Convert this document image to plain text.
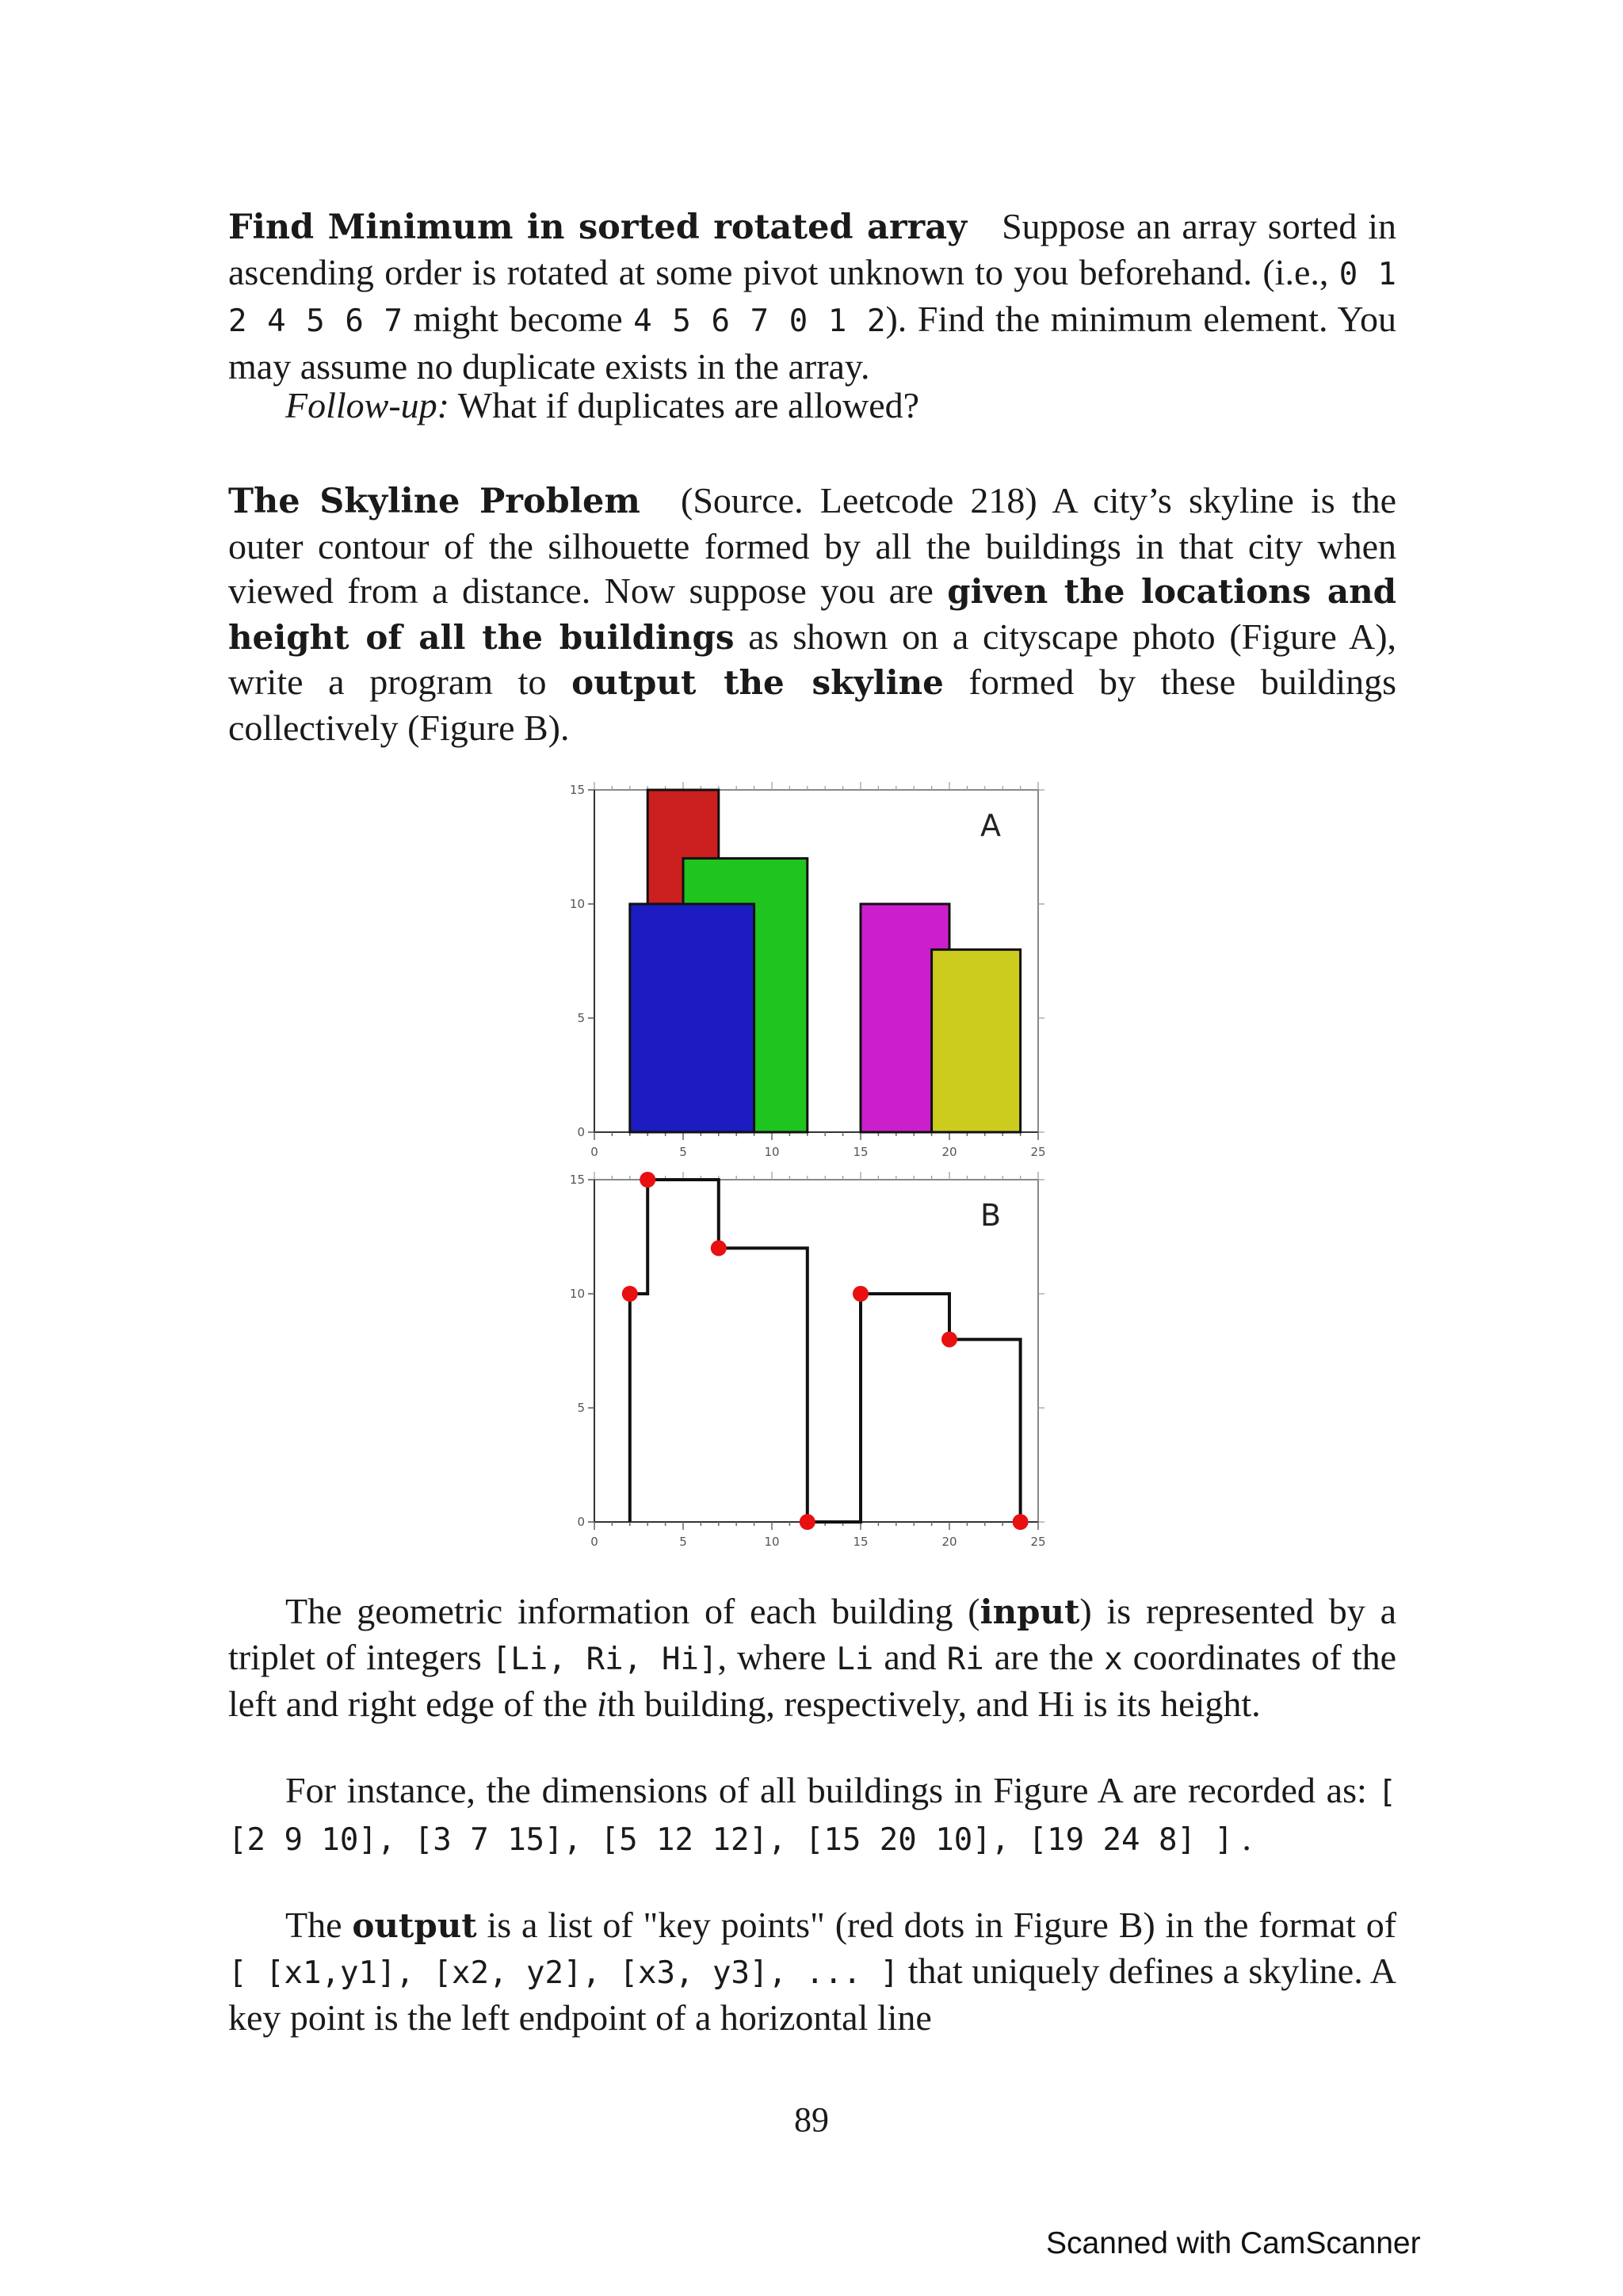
Find Minimum in sorted rotated array Suppose an array sorted in ascending order is rotated at some pivot unknown to you beforehand. (i.e., 0 1 2 4 5 6 7 might become 4 5 6 7 0 1 2). Find the minimum element. You may assume no duplicate exists in the array.

Follow-up: What if duplicates are allowed?

The Skyline Problem (Source. Leetcode 218) A city’s skyline is the outer contour of the silhouette formed by all the buildings in that city when viewed from a distance. Now suppose you are given the locations and height of all the buildings as shown on a cityscape photo (Figure A), write a program to output the skyline formed by these buildings collectively (Figure B).

0	5	10	15	20	25
0
5
10
15
A
0	5	10	15	20	25
0
5
10
15
B

The geometric information of each building (input) is represented by a triplet of integers [Li, Ri, Hi], where Li and Ri are the x coordinates of the left and right edge of the ith building, respectively, and Hi is its height.

For instance, the dimensions of all buildings in Figure A are recorded as: [ [2 9 10], [3 7 15], [5 12 12], [15 20 10], [19 24 8] ] .

The output is a list of "key points" (red dots in Figure B) in the format of [ [x1,y1], [x2, y2], [x3, y3], ... ] that uniquely defines a skyline. A key point is the left endpoint of a horizontal line

89
Scanned with CamScanner
